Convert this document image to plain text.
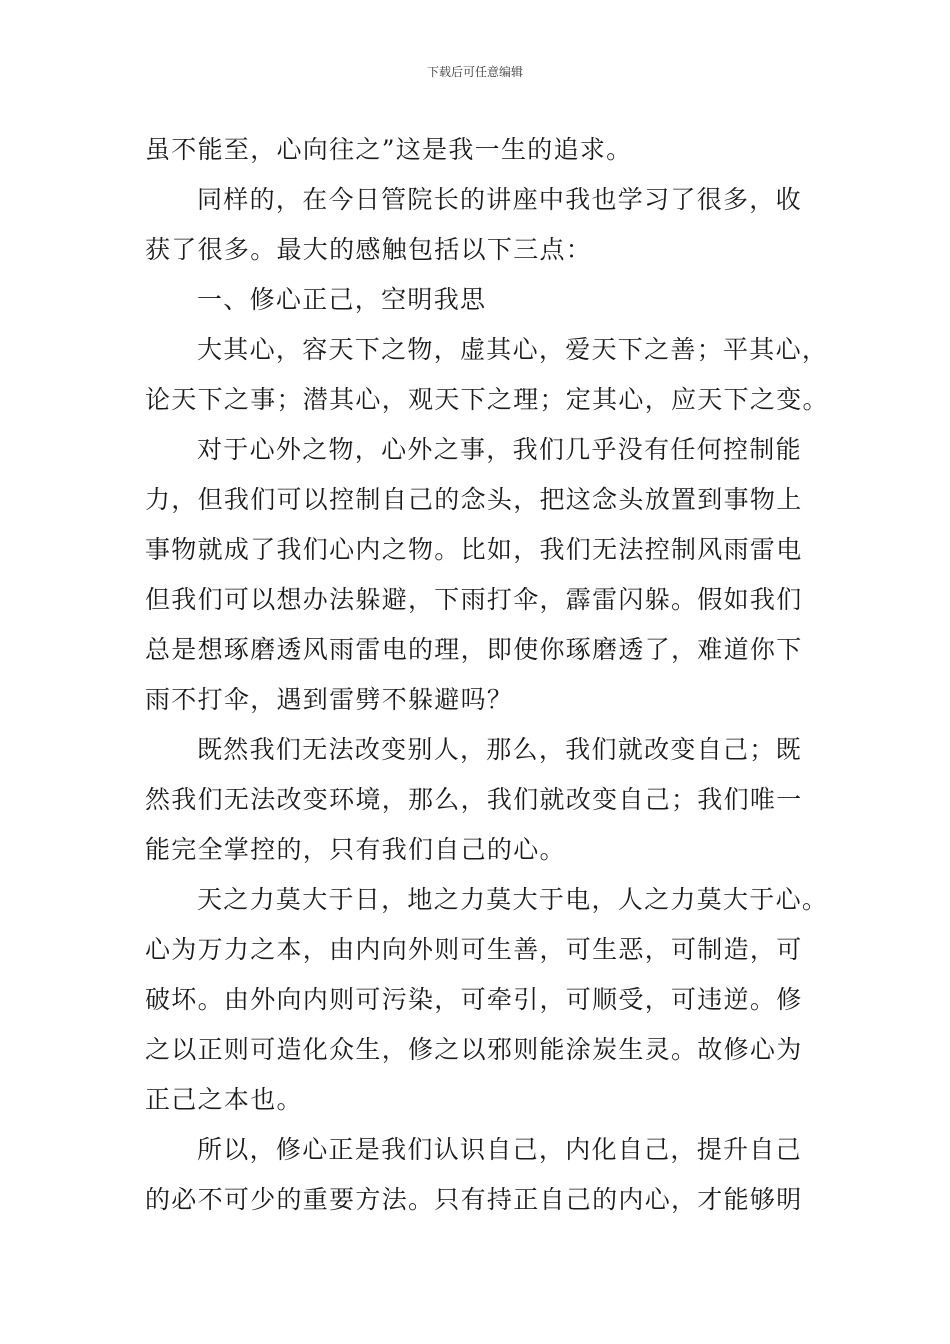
下载后可任意编辑

虽不能至，心向往之”这是我一生的追求。

同样的，在今日管院长的讲座中我也学习了很多，收

获了很多。最大的感触包括以下三点：

一、修心正己，空明我思

大其心，容天下之物，虚其心，爱天下之善；平其心，

论天下之事；潜其心，观天下之理；定其心，应天下之变。

对于心外之物，心外之事，我们几乎没有任何控制能

力，但我们可以控制自己的念头，把这念头放置到事物上

事物就成了我们心内之物。比如，我们无法控制风雨雷电

但我们可以想办法躲避，下雨打伞，霹雷闪躲。假如我们

总是想琢磨透风雨雷电的理，即使你琢磨透了，难道你下

雨不打伞，遇到雷劈不躲避吗？

既然我们无法改变别人，那么，我们就改变自己；既

然我们无法改变环境，那么，我们就改变自己；我们唯一

能完全掌控的，只有我们自己的心。

天之力莫大于日，地之力莫大于电，人之力莫大于心。

心为万力之本，由内向外则可生善，可生恶，可制造，可

破坏。由外向内则可污染，可牵引，可顺受，可违逆。修

之以正则可造化众生，修之以邪则能涂炭生灵。故修心为

正己之本也。

所以，修心正是我们认识自己，内化自己，提升自己

的必不可少的重要方法。只有持正自己的内心，才能够明
